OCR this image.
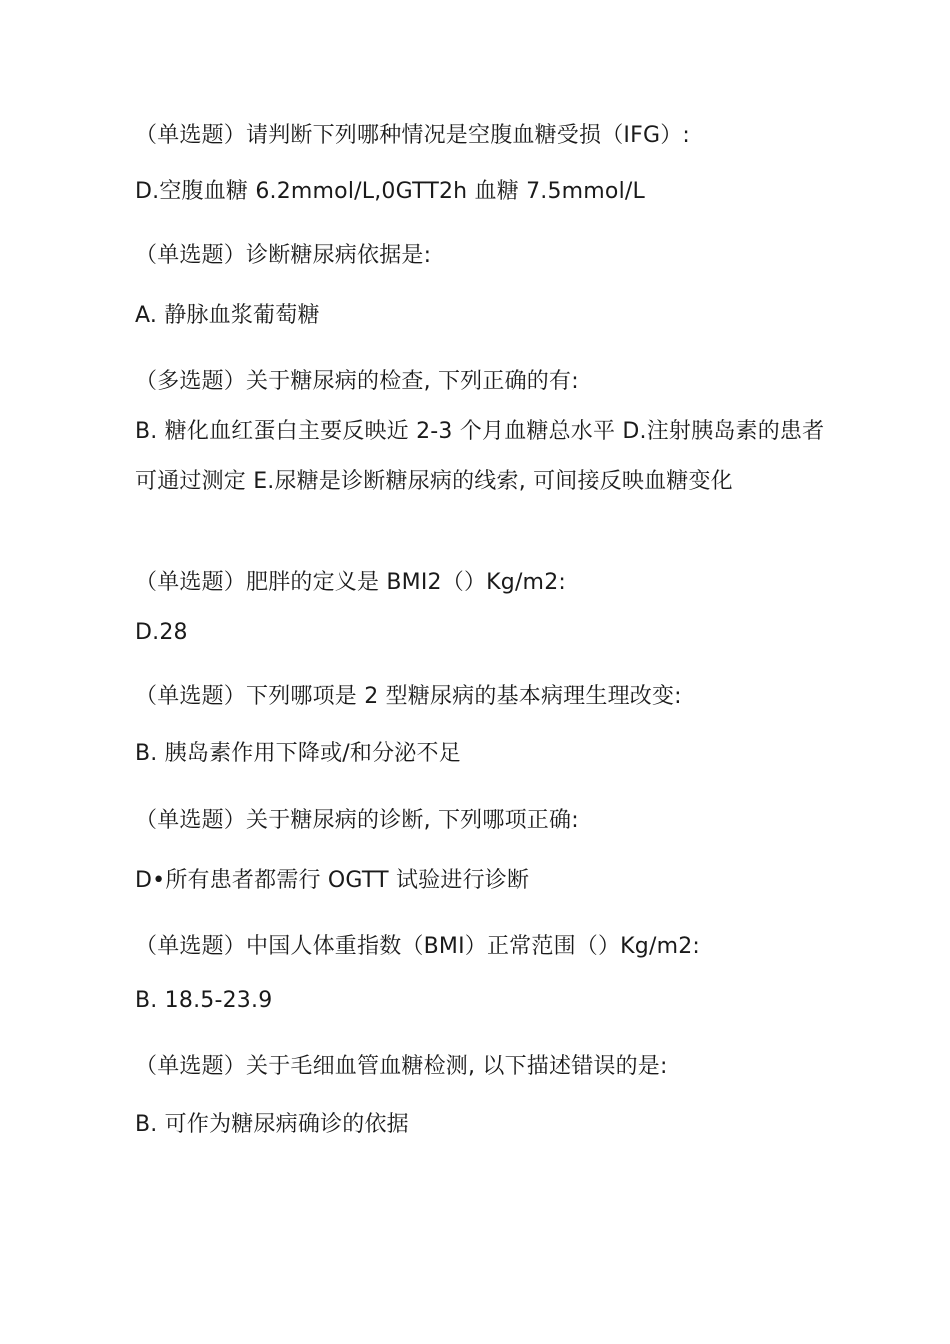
（单选题）请判断下列哪种情况是空腹血糖受损（IFG）:
D.空腹血糖 6.2mmol/L,0GTT2h 血糖 7.5mmol/L
（单选题）诊断糖尿病依据是:
A. 静脉血浆葡萄糖
（多选题）关于糖尿病的检查, 下列正确的有:
B. 糖化血红蛋白主要反映近 2-3 个月血糖总水平 D.注射胰岛素的患者可通过测定 E.尿糖是诊断糖尿病的线索, 可间接反映血糖变化
（单选题）肥胖的定义是 BMI2（）Kg/m2:
D.28
（单选题）下列哪项是 2 型糖尿病的基本病理生理改变:
B. 胰岛素作用下降或/和分泌不足
（单选题）关于糖尿病的诊断, 下列哪项正确:
D•所有患者都需行 OGTT 试验进行诊断
（单选题）中国人体重指数（BMI）正常范围（）Kg/m2:
B. 18.5-23.9
（单选题）关于毛细血管血糖检测, 以下描述错误的是:
B. 可作为糖尿病确诊的依据
